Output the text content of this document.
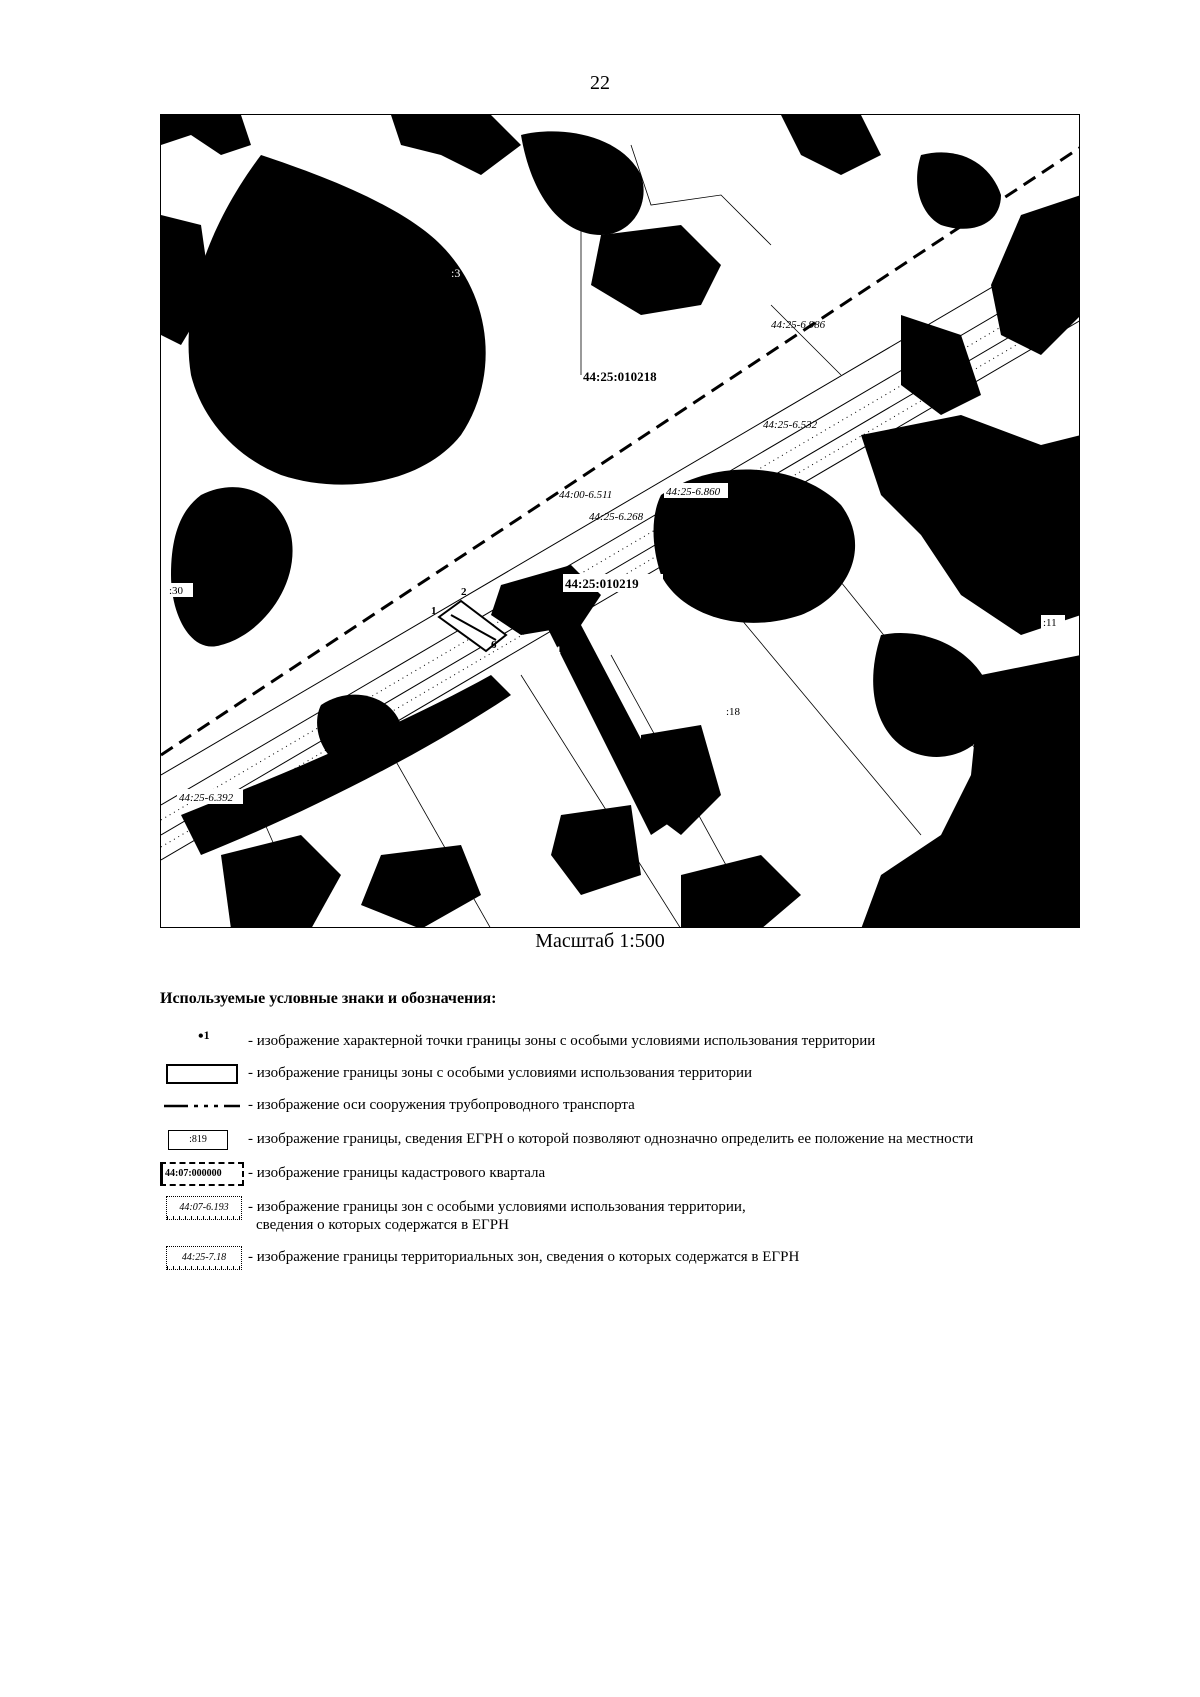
22
44:25:010218
44:25:010219
44:25-6.986
44:25-6.532
44:00-6.511
44:25-6.268
44:25-6.860
44:25-6.392
:3
:30
:11
:18
:19
:9
4
1
2
6
Масштаб 1:500
Используемые условные знаки и обозначения:
•$^1$	- изображение характерной точки границы зоны с особыми условиями использования территории
- изображение границы зоны с особыми условиями использования территории
- изображение оси сооружения трубопроводного транспорта
:819	- изображение границы, сведения ЕГРН о которой позволяют однозначно определить ее положение на местности
44:07:000000	- изображение границы кадастрового квартала
44:07-6.193	- изображение границы зон с особыми условиями использования территории,
сведения о которых содержатся в ЕГРН
44:25-7.18	- изображение границы территориальных зон, сведения о которых содержатся в ЕГРН
